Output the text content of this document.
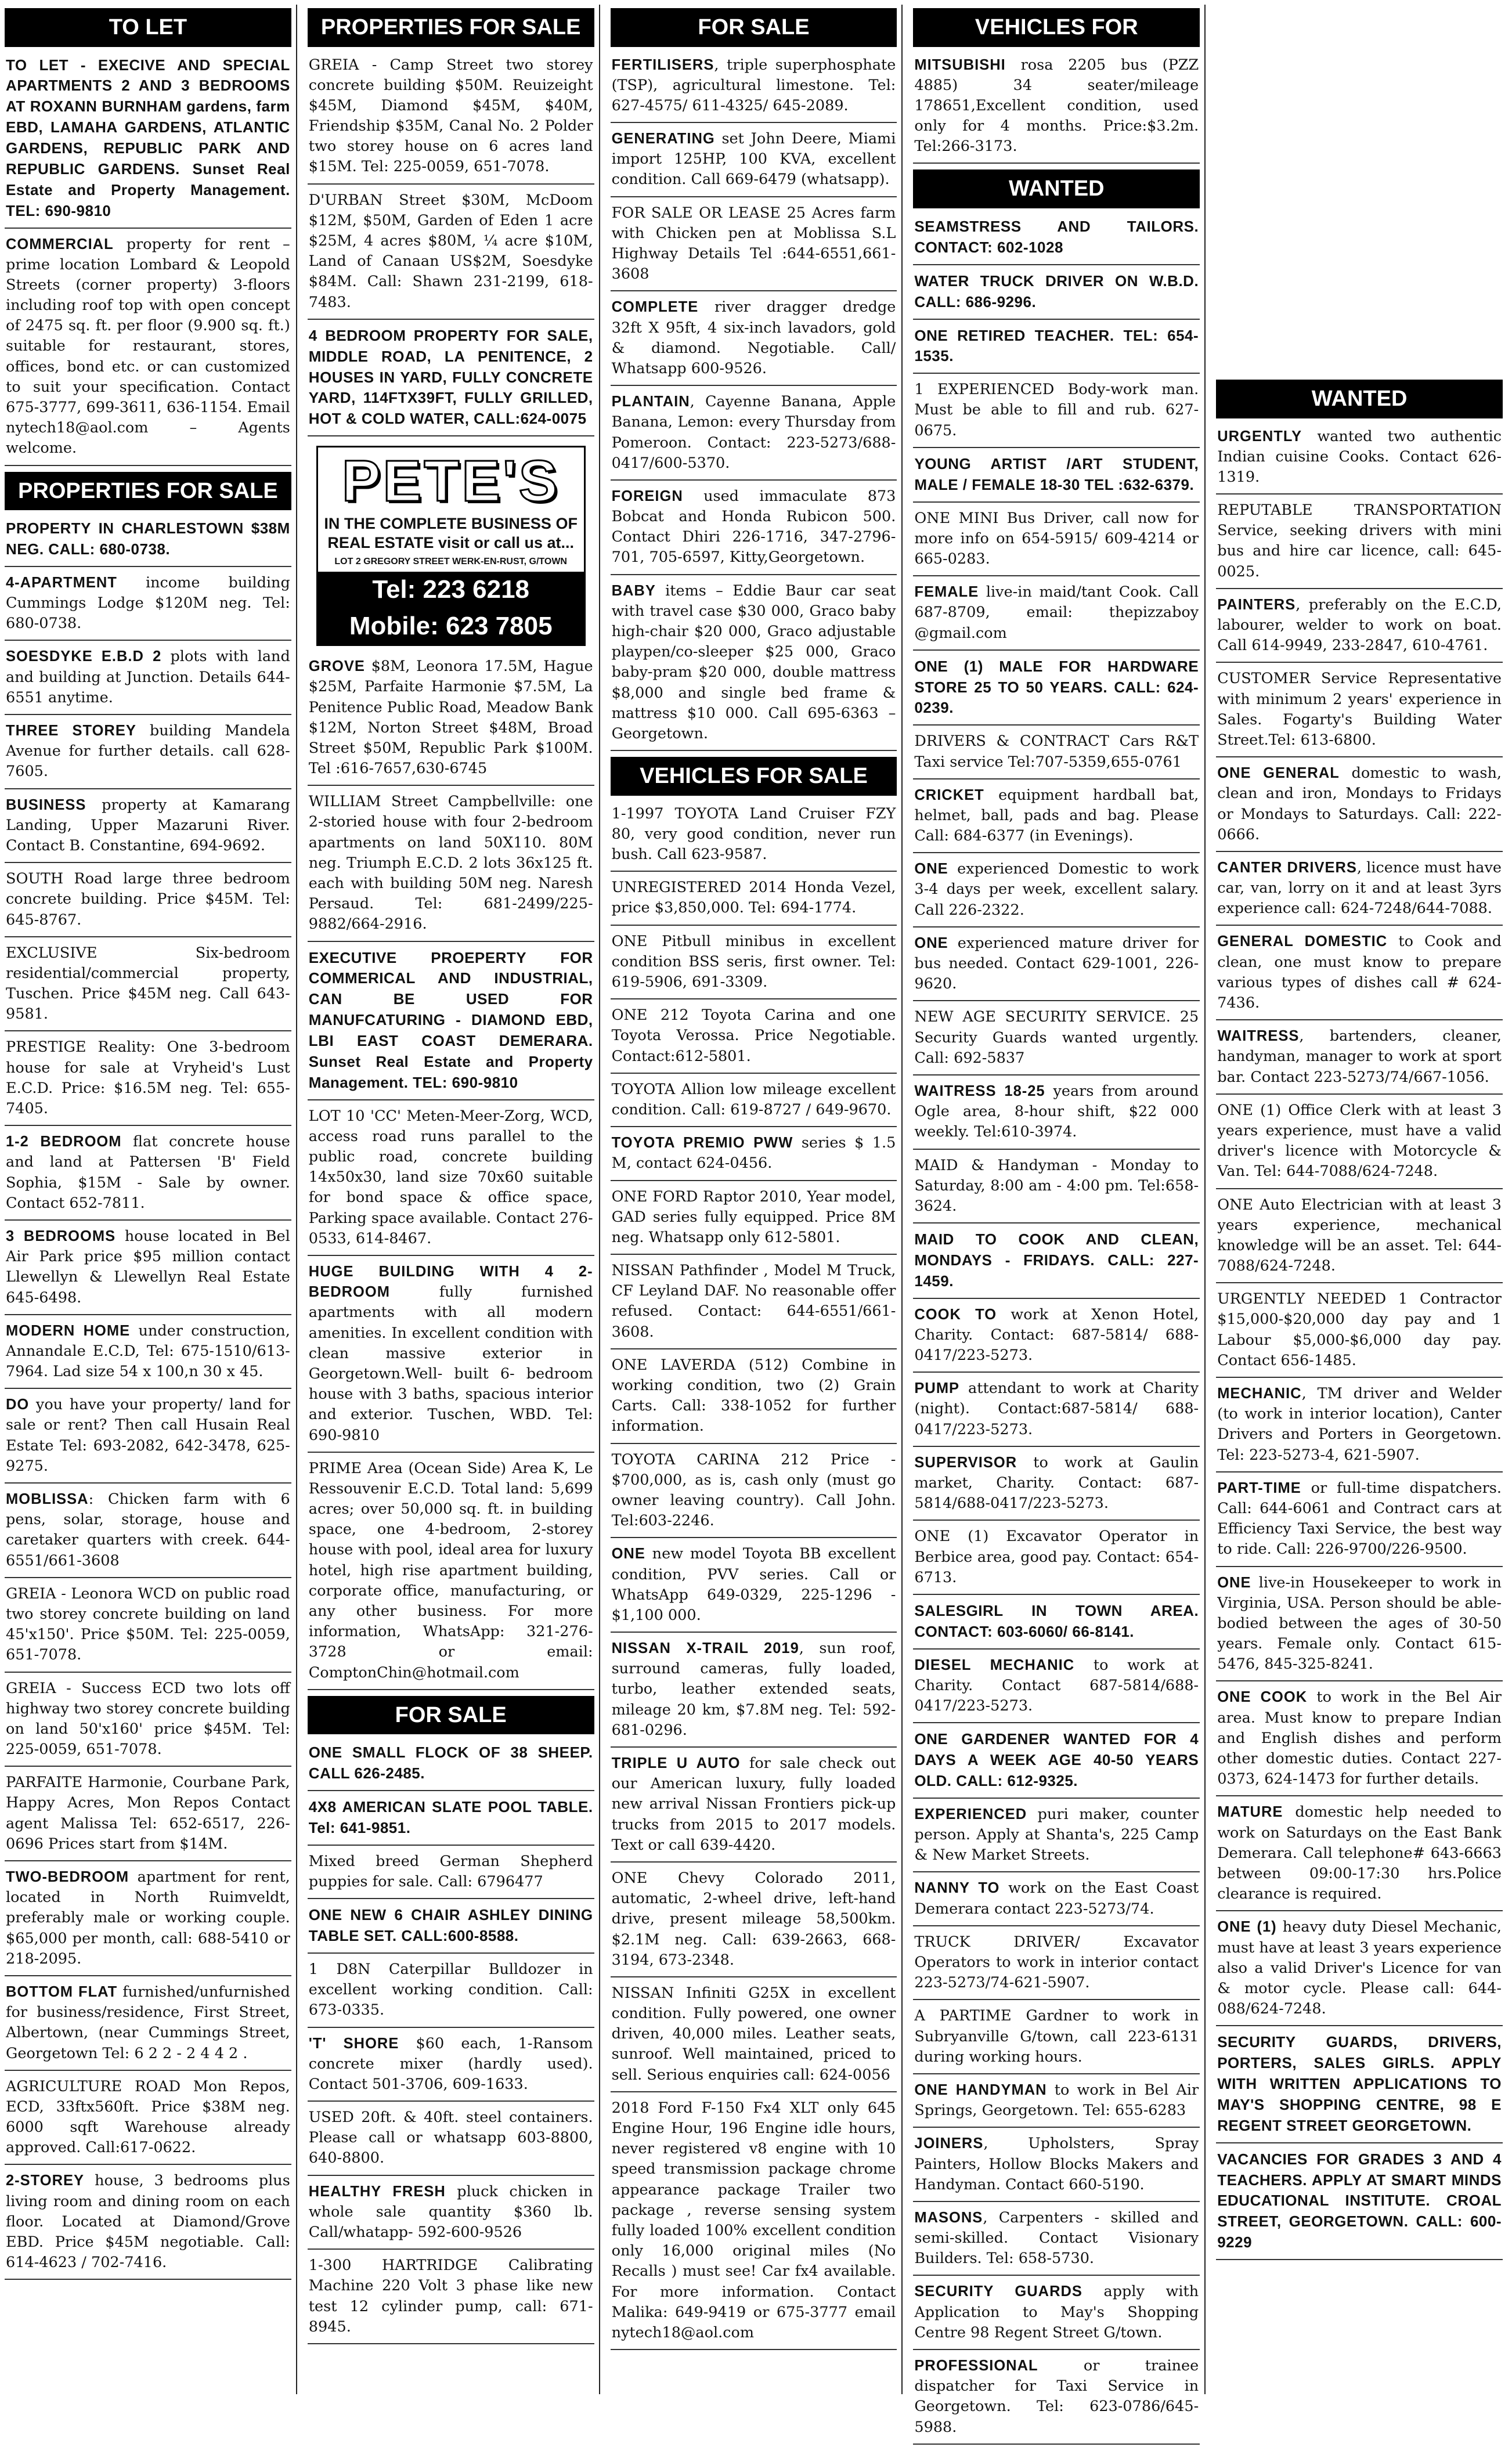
TO LET
TO LET - EXECIVE AND SPECIAL APARTMENTS 2 AND 3 BEDROOMS AT ROXANN BURNHAM gardens, farm EBD, LAMAHA GARDENS, ATLANTIC GARDENS, REPUBLIC PARK AND REPUBLIC GARDENS. Sunset Real Estate and Property Management. TEL: 690-9810
COMMERCIAL property for rent – prime location Lombard & Leopold Streets (corner property) 3-floors including roof top with open concept of 2475 sq. ft. per floor (9.900 sq. ft.) suitable for restaurant, stores, offices, bond etc. or can customized to suit your specification. Contact 675-3777, 699-3611, 636-1154. Email nytech18@aol.com – Agents welcome.
PROPERTIES FOR SALE
PROPERTY IN CHARLESTOWN $38M NEG. CALL: 680-0738.
4-APARTMENT income building Cummings Lodge $120M neg. Tel: 680-0738.
SOESDYKE E.B.D 2 plots with land and building at Junction. Details 644-6551 anytime.
THREE STOREY building Mandela Avenue for further details. call 628-7605.
BUSINESS property at Kamarang Landing, Upper Mazaruni River. Contact B. Constantine, 694-9692.
SOUTH Road large three bedroom concrete building. Price $45M. Tel: 645-8767.
EXCLUSIVE Six-bedroom residential/commercial property, Tuschen. Price $45M neg. Call 643-9581.
PRESTIGE Reality: One 3-bedroom house for sale at Vryheid's Lust E.C.D. Price: $16.5M neg. Tel: 655-7405.
1-2 BEDROOM flat concrete house and land at Pattersen 'B' Field Sophia, $15M - Sale by owner. Contact 652-7811.
3 BEDROOMS house located in Bel Air Park price $95 million contact Llewellyn & Llewellyn Real Estate 645-6498.
MODERN HOME under construction, Annandale E.C.D, Tel: 675-1510/613-7964. Lad size 54 x 100,n 30 x 45.
DO you have your property/ land for sale or rent? Then call Husain Real Estate Tel: 693-2082, 642-3478, 625-9275.
MOBLISSA: Chicken farm with 6 pens, solar, storage, house and caretaker quarters with creek. 644-6551/661-3608
GREIA - Leonora WCD on public road two storey concrete building on land 45'x150'. Price $50M. Tel: 225-0059, 651-7078.
GREIA - Success ECD two lots off highway two storey concrete building on land 50'x160' price $45M. Tel: 225-0059, 651-7078.
PARFAITE Harmonie, Courbane Park, Happy Acres, Mon Repos Contact agent Malissa Tel: 652-6517, 226-0696 Prices start from $14M.
TWO-BEDROOM apartment for rent, located in North Ruimveldt, preferably male or working couple. $65,000 per month, call: 688-5410 or 218-2095.
BOTTOM FLAT furnished/unfurnished for business/residence, First Street, Albertown, (near Cummings Street, Georgetown Tel: 6 2 2 - 2 4 4 2 .
AGRICULTURE ROAD Mon Repos, ECD, 33ftx560ft. Price $38M neg. 6000 sqft Warehouse already approved. Call:617-0622.
2-STOREY house, 3 bedrooms plus living room and dining room on each floor. Located at Diamond/Grove EBD. Price $45M negotiable. Call: 614-4623 / 702-7416.
PROPERTIES FOR SALE
GREIA - Camp Street two storey concrete building $50M. Reuizeight $45M, Diamond $45M, $40M, Friendship $35M, Canal No. 2 Polder two storey house on 6 acres land $15M. Tel: 225-0059, 651-7078.
D'URBAN Street $30M, McDoom $12M, $50M, Garden of Eden 1 acre $25M, 4 acres $80M, ¼ acre $10M, Land of Canaan US$2M, Soesdyke $84M. Call: Shawn 231-2199, 618-7483.
4 BEDROOM PROPERTY FOR SALE, MIDDLE ROAD, LA PENITENCE, 2 HOUSES IN YARD, FULLY CONCRETE YARD, 114FTX39FT, FULLY GRILLED, HOT & COLD WATER, CALL:624-0075
PETE'S
IN THE COMPLETE BUSINESS OF REAL ESTATE visit or call us at...
LOT 2 GREGORY STREET WERK-EN-RUST, G/TOWN
Tel: 223 6218
Mobile: 623 7805
GROVE $8M, Leonora 17.5M, Hague $25M, Parfaite Harmonie $7.5M, La Penitence Public Road, Meadow Bank $12M, Norton Street $48M, Broad Street $50M, Republic Park $100M. Tel :616-7657,630-6745
WILLIAM Street Campbellville: one 2-storied house with four 2-bedroom apartments on land 50X110. 80M neg. Triumph E.C.D. 2 lots 36x125 ft. each with building 50M neg. Naresh Persaud. Tel: 681-2499/225-9882/664-2916.
EXECUTIVE PROEPERTY FOR COMMERICAL AND INDUSTRIAL, CAN BE USED FOR MANUFCATURING - DIAMOND EBD, LBI EAST COAST DEMERARA. Sunset Real Estate and Property Management. TEL: 690-9810
LOT 10 'CC' Meten-Meer-Zorg, WCD, access road runs parallel to the public road, concrete building 14x50x30, land size 70x60 suitable for bond space & office space, Parking space available. Contact 276-0533, 614-8467.
HUGE BUILDING WITH 4 2- BEDROOM fully furnished apartments with all modern amenities. In excellent condition with clean massive exterior in Georgetown.Well- built 6- bedroom house with 3 baths, spacious interior and exterior. Tuschen, WBD. Tel: 690-9810
PRIME Area (Ocean Side) Area K, Le Ressouvenir E.C.D. Total land: 5,699 acres; over 50,000 sq. ft. in building space, one 4-bedroom, 2-storey house with pool, ideal area for luxury hotel, high rise apartment building, corporate office, manufacturing, or any other business. For more information, WhatsApp: 321-276-3728 or email: ComptonChin@hotmail.com
FOR SALE
ONE SMALL FLOCK OF 38 SHEEP. CALL 626-2485.
4X8 AMERICAN SLATE POOL TABLE. Tel: 641-9851.
Mixed breed German Shepherd puppies for sale. Call: 6796477
ONE NEW 6 CHAIR ASHLEY DINING TABLE SET. CALL:600-8588.
1 D8N Caterpillar Bulldozer in excellent working condition. Call: 673-0335.
'T' SHORE $60 each, 1-Ransom concrete mixer (hardly used). Contact 501-3706, 609-1633.
USED 20ft. & 40ft. steel containers. Please call or whatsapp 603-8800, 640-8800.
HEALTHY FRESH pluck chicken in whole sale quantity $360 lb. Call/whatapp- 592-600-9526
1-300 HARTRIDGE Calibrating Machine 220 Volt 3 phase like new test 12 cylinder pump, call: 671-8945.
FOR SALE
FERTILISERS, triple superphosphate (TSP), agricultural limestone. Tel: 627-4575/ 611-4325/ 645-2089.
GENERATING set John Deere, Miami import 125HP, 100 KVA, excellent condition. Call 669-6479 (whatsapp).
FOR SALE OR LEASE 25 Acres farm with Chicken pen at Moblissa S.L Highway Details Tel :644-6551,661-3608
COMPLETE river dragger dredge 32ft X 95ft, 4 six-inch lavadors, gold & diamond. Negotiable. Call/ Whatsapp 600-9526.
PLANTAIN, Cayenne Banana, Apple Banana, Lemon: every Thursday from Pomeroon. Contact: 223-5273/688-0417/600-5370.
FOREIGN used immaculate 873 Bobcat and Honda Rubicon 500. Contact Dhiri 226-1716, 347-2796-701, 705-6597, Kitty,Georgetown.
BABY items – Eddie Baur car seat with travel case $30 000, Graco baby high-chair $20 000, Graco adjustable playpen/co-sleeper $25 000, Graco baby-pram $20 000, double mattress $8,000 and single bed frame & mattress $10 000. Call 695-6363 – Georgetown.
VEHICLES FOR SALE
1-1997 TOYOTA Land Cruiser FZY 80, very good condition, never run bush. Call 623-9587.
UNREGISTERED 2014 Honda Vezel, price $3,850,000. Tel: 694-1774.
ONE Pitbull minibus in excellent condition BSS seris, first owner. Tel: 619-5906, 691-3309.
ONE 212 Toyota Carina and one Toyota Verossa. Price Negotiable. Contact:612-5801.
TOYOTA Allion low mileage excellent condition. Call: 619-8727 / 649-9670.
TOYOTA PREMIO PWW series $ 1.5 M, contact 624-0456.
ONE FORD Raptor 2010, Year model, GAD series fully equipped. Price 8M neg. Whatsapp only 612-5801.
NISSAN Pathfinder , Model M Truck, CF Leyland DAF. No reasonable offer refused. Contact: 644-6551/661-3608.
ONE LAVERDA (512) Combine in working condition, two (2) Grain Carts. Call: 338-1052 for further information.
TOYOTA CARINA 212 Price - $700,000, as is, cash only (must go owner leaving country). Call John. Tel:603-2246.
ONE new model Toyota BB excellent condition, PVV series. Call or WhatsApp 649-0329, 225-1296 - $1,100 000.
NISSAN X-TRAIL 2019, sun roof, surround cameras, fully loaded, turbo, leather extended seats, mileage 20 km, $7.8M neg. Tel: 592-681-0296.
TRIPLE U AUTO for sale check out our American luxury, fully loaded new arrival Nissan Frontiers pick-up trucks from 2015 to 2017 models. Text or call 639-4420.
ONE Chevy Colorado 2011, automatic, 2-wheel drive, left-hand drive, present mileage 58,500km. $2.1M neg. Call: 639-2663, 668-3194, 673-2348.
NISSAN Infiniti G25X in excellent condition. Fully powered, one owner driven, 40,000 miles. Leather seats, sunroof. Well maintained, priced to sell. Serious enquiries call: 624-0056
2018 Ford F-150 Fx4 XLT only 645 Engine Hour, 196 Engine idle hours, never registered v8 engine with 10 speed transmission package chrome appearance package Trailer two package , reverse sensing system fully loaded 100% excellent condition only 16,000 original miles (No Recalls ) must see! Car fx4 available. For more information. Contact Malika: 649-9419 or 675-3777 email nytech18@aol.com
VEHICLES FOR
MITSUBISHI rosa 2205 bus (PZZ 4885) 34 seater/mileage 178651,Excellent condition, used only for 4 months. Price:$3.2m. Tel:266-3173.
WANTED
SEAMSTRESS AND TAILORS. CONTACT: 602-1028
WATER TRUCK DRIVER ON W.B.D. CALL: 686-9296.
ONE RETIRED TEACHER. TEL: 654-1535.
1 EXPERIENCED Body-work man. Must be able to fill and rub. 627-0675.
YOUNG ARTIST /ART STUDENT, MALE / FEMALE 18-30 TEL :632-6379.
ONE MINI Bus Driver, call now for more info on 654-5915/ 609-4214 or 665-0283.
FEMALE live-in maid/tant Cook. Call 687-8709, email: thepizzaboy @gmail.com
ONE (1) MALE FOR HARDWARE STORE 25 TO 50 YEARS. CALL: 624-0239.
DRIVERS & CONTRACT Cars R&T Taxi service Tel:707-5359,655-0761
CRICKET equipment hardball bat, helmet, ball, pads and bag. Please Call: 684-6377 (in Evenings).
ONE experienced Domestic to work 3-4 days per week, excellent salary. Call 226-2322.
ONE experienced mature driver for bus needed. Contact 629-1001, 226-9620.
NEW AGE SECURITY SERVICE. 25 Security Guards wanted urgently. Call: 692-5837
WAITRESS 18-25 years from around Ogle area, 8-hour shift, $22 000 weekly. Tel:610-3974.
MAID & Handyman - Monday to Saturday, 8:00 am - 4:00 pm. Tel:658-3624.
MAID TO COOK AND CLEAN, MONDAYS - FRIDAYS. CALL: 227-1459.
COOK TO work at Xenon Hotel, Charity. Contact: 687-5814/ 688-0417/223-5273.
PUMP attendant to work at Charity (night). Contact:687-5814/ 688-0417/223-5273.
SUPERVISOR to work at Gaulin market, Charity. Contact: 687-5814/688-0417/223-5273.
ONE (1) Excavator Operator in Berbice area, good pay. Contact: 654-6713.
SALESGIRL IN TOWN AREA. CONTACT: 603-6060/ 66-8141.
DIESEL MECHANIC to work at Charity. Contact 687-5814/688-0417/223-5273.
ONE GARDENER WANTED FOR 4 DAYS A WEEK AGE 40-50 YEARS OLD. CALL: 612-9325.
EXPERIENCED puri maker, counter person. Apply at Shanta's, 225 Camp & New Market Streets.
NANNY TO work on the East Coast Demerara contact 223-5273/74.
TRUCK DRIVER/ Excavator Operators to work in interior contact 223-5273/74-621-5907.
A PARTIME Gardner to work in Subryanville G/town, call 223-6131 during working hours.
ONE HANDYMAN to work in Bel Air Springs, Georgetown. Tel: 655-6283
JOINERS, Upholsters, Spray Painters, Hollow Blocks Makers and Handyman. Contact 660-5190.
MASONS, Carpenters - skilled and semi-skilled. Contact Visionary Builders. Tel: 658-5730.
SECURITY GUARDS apply with Application to May's Shopping Centre 98 Regent Street G/town.
PROFESSIONAL or trainee dispatcher for Taxi Service in Georgetown. Tel: 623-0786/645-5988.
WANTED
URGENTLY wanted two authentic Indian cuisine Cooks. Contact 626-1319.
REPUTABLE TRANSPORTATION Service, seeking drivers with mini bus and hire car licence, call: 645-0025.
PAINTERS, preferably on the E.C.D, labourer, welder to work on boat. Call 614-9949, 233-2847, 610-4761.
CUSTOMER Service Representative with minimum 2 years' experience in Sales. Fogarty's Building Water Street.Tel: 613-6800.
ONE GENERAL domestic to wash, clean and iron, Mondays to Fridays or Mondays to Saturdays. Call: 222-0666.
CANTER DRIVERS, licence must have car, van, lorry on it and at least 3yrs experience call: 624-7248/644-7088.
GENERAL DOMESTIC to Cook and clean, one must know to prepare various types of dishes call # 624-7436.
WAITRESS, bartenders, cleaner, handyman, manager to work at sport bar. Contact 223-5273/74/667-1056.
ONE (1) Office Clerk with at least 3 years experience, must have a valid driver's licence with Motorcycle & Van. Tel: 644-7088/624-7248.
ONE Auto Electrician with at least 3 years experience, mechanical knowledge will be an asset. Tel: 644-7088/624-7248.
URGENTLY NEEDED 1 Contractor $15,000-$20,000 day pay and 1 Labour $5,000-$6,000 day pay. Contact 656-1485.
MECHANIC, TM driver and Welder (to work in interior location), Canter Drivers and Porters in Georgetown. Tel: 223-5273-4, 621-5907.
PART-TIME or full-time dispatchers. Call: 644-6061 and Contract cars at Efficiency Taxi Service, the best way to ride. Call: 226-9700/226-9500.
ONE live-in Housekeeper to work in Virginia, USA. Person should be able-bodied between the ages of 30-50 years. Female only. Contact 615-5476, 845-325-8241.
ONE COOK to work in the Bel Air area. Must know to prepare Indian and English dishes and perform other domestic duties. Contact 227-0373, 624-1473 for further details.
MATURE domestic help needed to work on Saturdays on the East Bank Demerara. Call telephone# 643-6663 between 09:00-17:30 hrs.Police clearance is required.
ONE (1) heavy duty Diesel Mechanic, must have at least 3 years experience also a valid Driver's Licence for van & motor cycle. Please call: 644-088/624-7248.
SECURITY GUARDS, DRIVERS, PORTERS, SALES GIRLS. APPLY WITH WRITTEN APPLICATIONS TO MAY'S SHOPPING CENTRE, 98 E REGENT STREET GEORGETOWN.
VACANCIES FOR GRADES 3 AND 4 TEACHERS. APPLY AT SMART MINDS EDUCATIONAL INSTITUTE. CROAL STREET, GEORGETOWN. CALL: 600-9229
